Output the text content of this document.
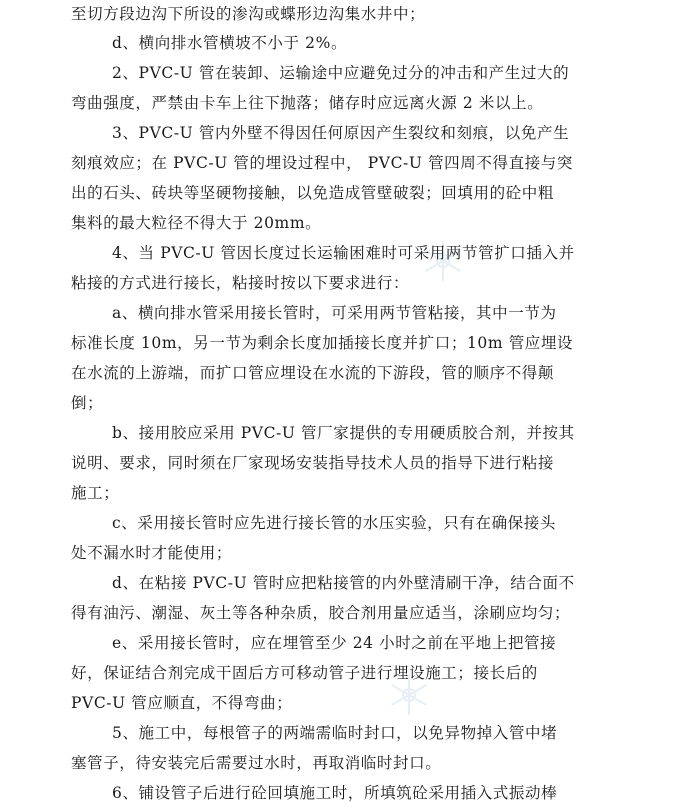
至切方段边沟下所设的渗沟或蝶形边沟集水井中；
d、横向排水管横坡不小于 2%。
2、PVC-U 管在装卸、运输途中应避免过分的冲击和产生过大的
弯曲强度，严禁由卡车上往下抛落；储存时应远离火源 2 米以上。
3、PVC-U 管内外壁不得因任何原因产生裂纹和刻痕，以免产生
刻痕效应；在 PVC-U 管的埋设过程中， PVC-U 管四周不得直接与突
出的石头、砖块等坚硬物接触，以免造成管壁破裂；回填用的砼中粗
集料的最大粒径不得大于 20mm。
4、当 PVC-U 管因长度过长运输困难时可采用两节管扩口插入并
粘接的方式进行接长，粘接时按以下要求进行：
a、横向排水管采用接长管时，可采用两节管粘接，其中一节为
标准长度 10m，另一节为剩余长度加插接长度并扩口；10m 管应埋设
在水流的上游端，而扩口管应埋设在水流的下游段，管的顺序不得颠
倒；
b、接用胶应采用 PVC-U 管厂家提供的专用硬质胶合剂，并按其
说明、要求，同时须在厂家现场安装指导技术人员的指导下进行粘接
施工；
c、采用接长管时应先进行接长管的水压实验，只有在确保接头
处不漏水时才能使用；
d、在粘接 PVC-U 管时应把粘接管的内外壁清刷干净，结合面不
得有油污、潮湿、灰土等各种杂质，胶合剂用量应适当，涂刷应均匀；
e、采用接长管时，应在埋管至少 24 小时之前在平地上把管接
好，保证结合剂完成干固后方可移动管子进行埋设施工；接长后的
PVC-U 管应顺直，不得弯曲；
5、施工中，每根管子的两端需临时封口，以免异物掉入管中堵
塞管子，待安装完后需要过水时，再取消临时封口。
6、铺设管子后进行砼回填施工时，所填筑砼采用插入式振动棒
